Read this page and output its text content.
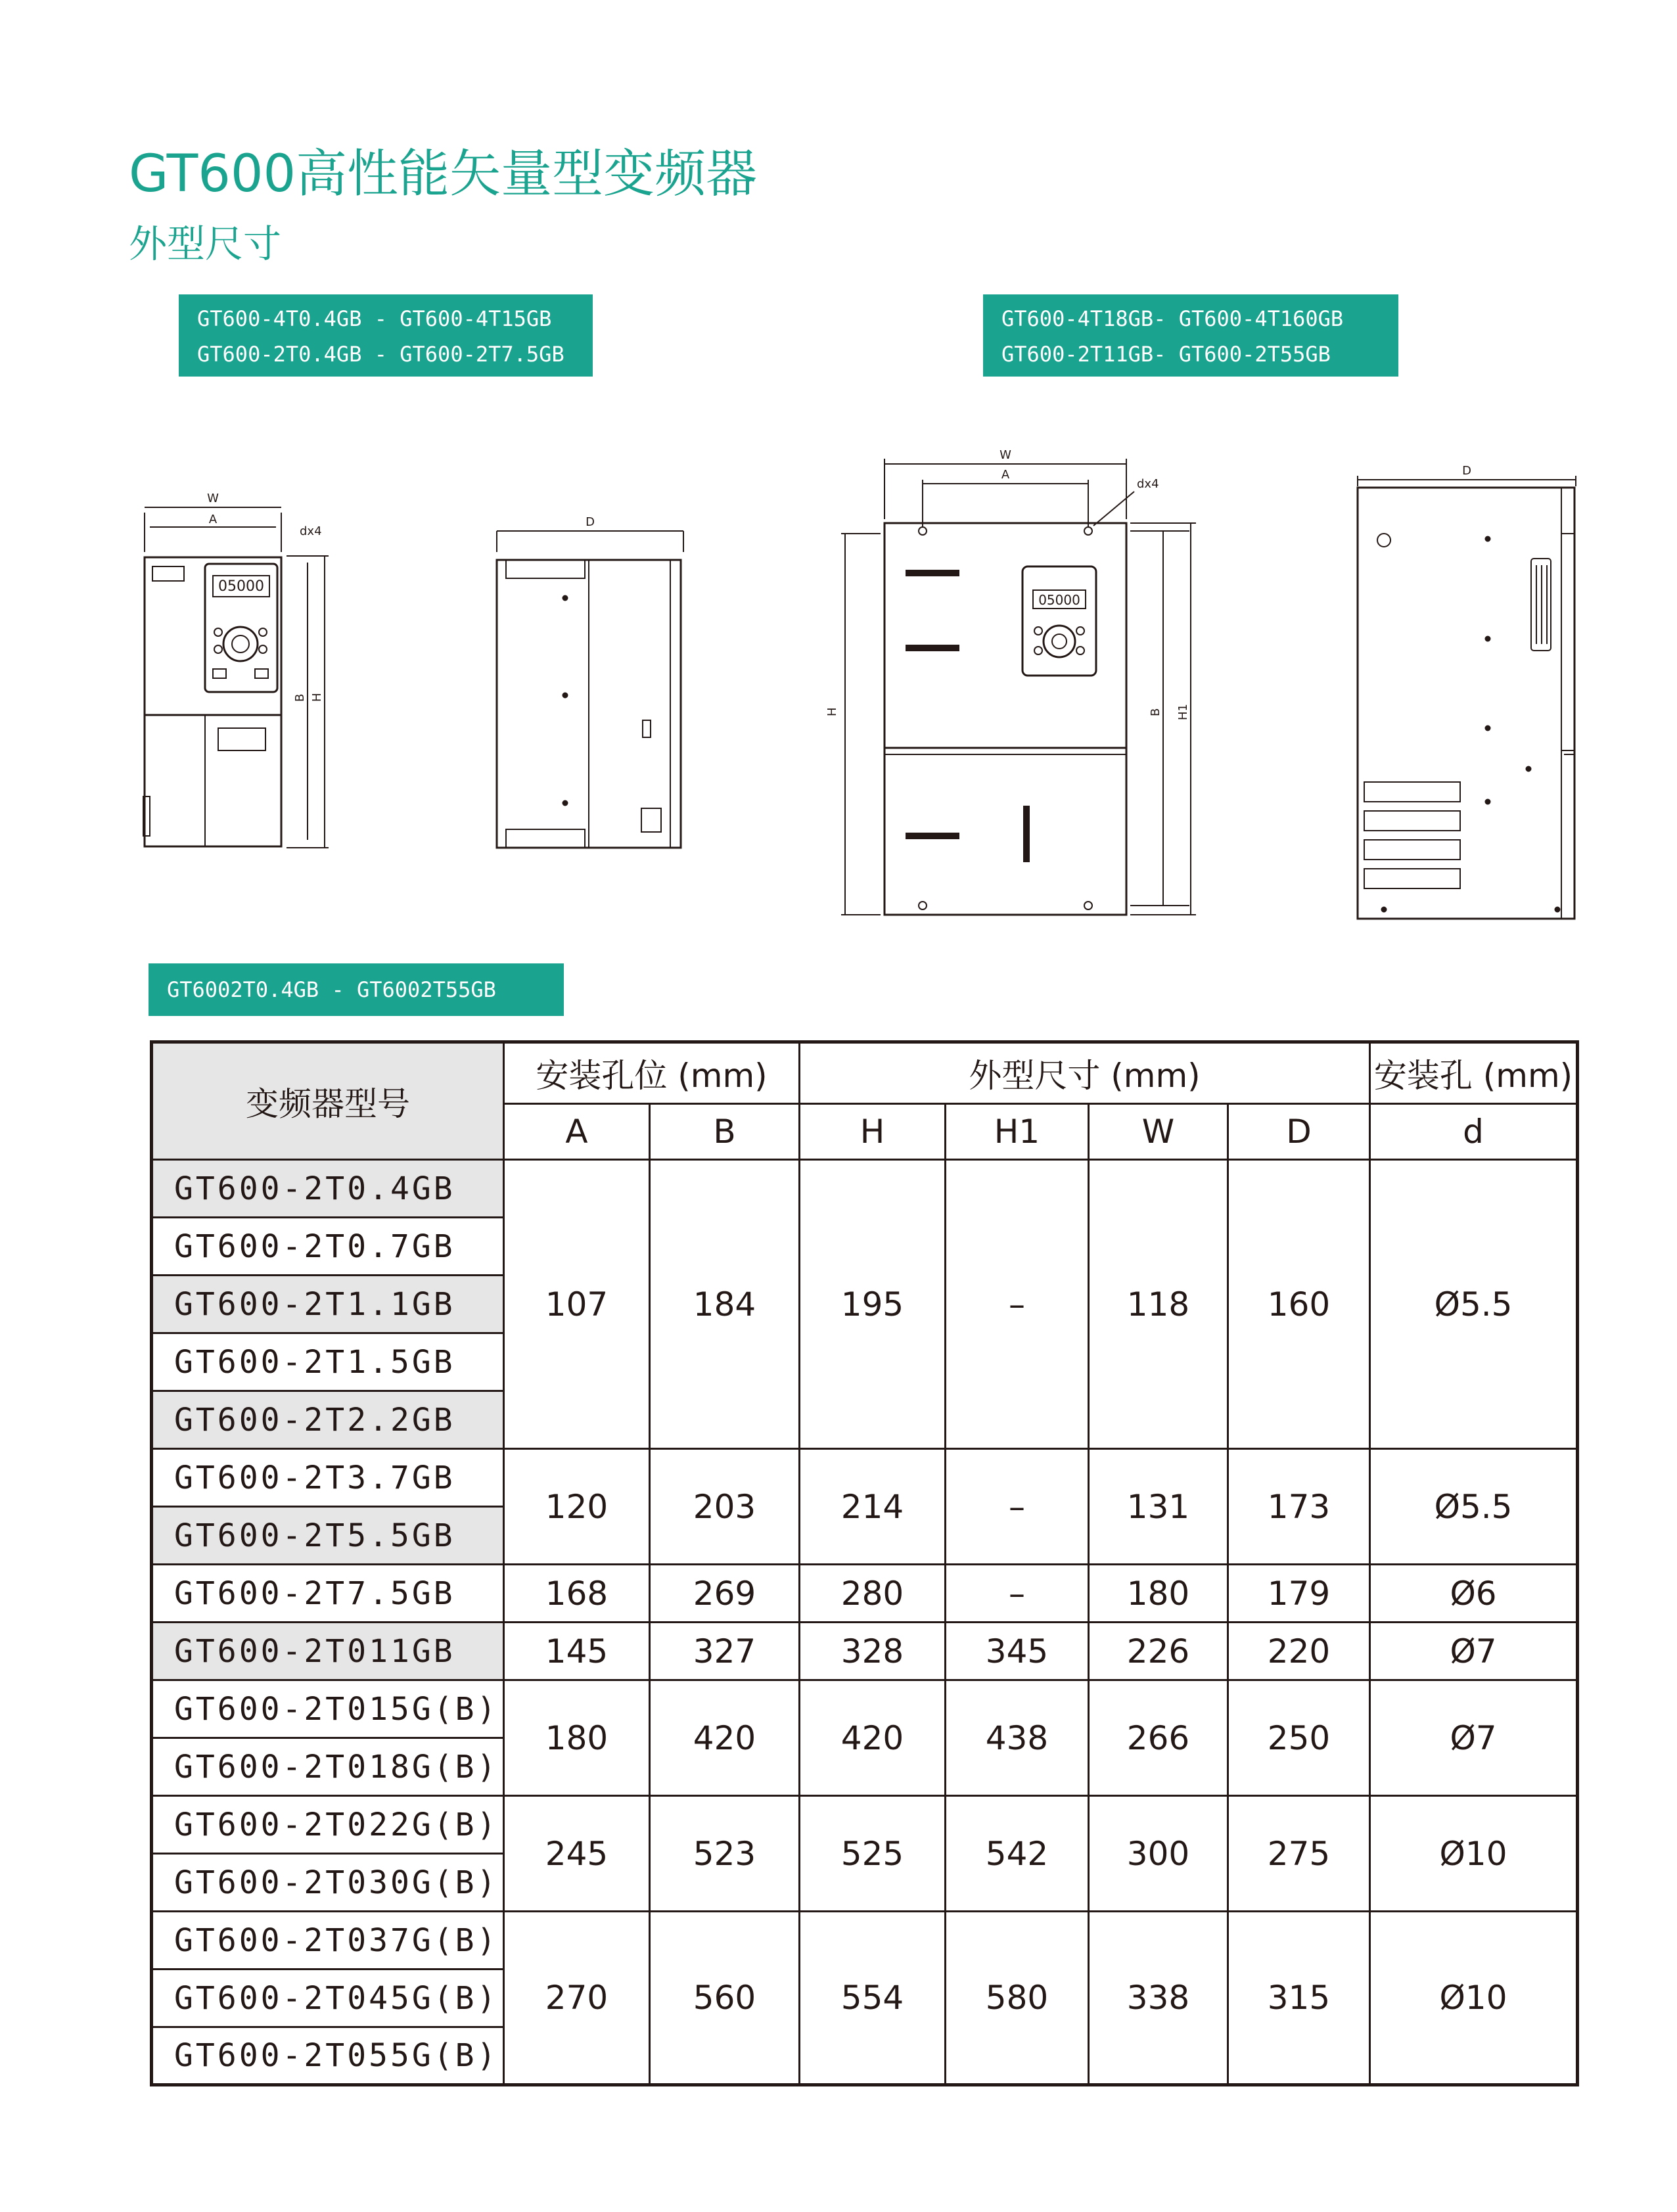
GT600高性能矢量型变频器
外型尺寸
GT600-4T0.4GB - GT600-4T15GB
GT600-2T0.4GB - GT600-2T7.5GB
GT600-4T18GB- GT600-4T160GB
GT600-2T11GB- GT600-2T55GB
GT6002T0.4GB - GT6002T55GB
W
A
dx4
05000
B H
D
W
A
dx4
05000
H	B H1
D
变频器型号	安装孔位 (mm)		外型尺寸 (mm)				安装孔 (mm)
	A	B	H	H1	W	D	d
GT600-2T0.4GB	107	184	195	–	118	160	Ø5.5
GT600-2T0.7GB							
GT600-2T1.1GB							
GT600-2T1.5GB							
GT600-2T2.2GB							
GT600-2T3.7GB	120	203	214	–	131	173	Ø5.5
GT600-2T5.5GB							
GT600-2T7.5GB	168	269	280	–	180	179	Ø6
GT600-2T011GB	145	327	328	345	226	220	Ø7
GT600-2T015G(B)	180	420	420	438	266	250	Ø7
GT600-2T018G(B)							
GT600-2T022G(B)	245	523	525	542	300	275	Ø10
GT600-2T030G(B)							
GT600-2T037G(B)	270	560	554	580	338	315	Ø10
GT600-2T045G(B)							
GT600-2T055G(B)							
